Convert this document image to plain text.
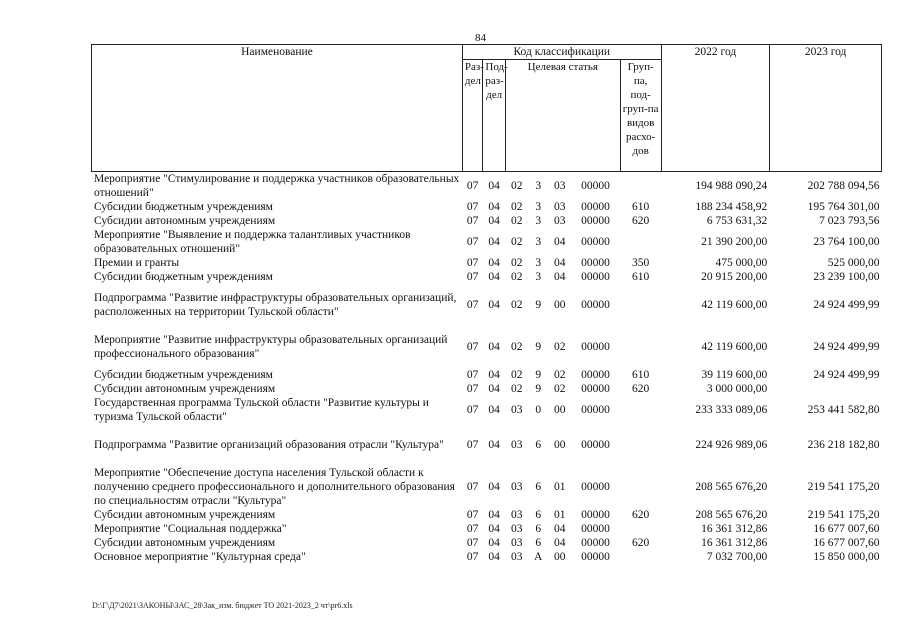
84
Наименование	Код классификации							2022 год	2023 год
	Раз-дел	Под-раз-дел	Целевая статья				Груп-па, под-груп-па видов расхо-дов		
Мероприятие "Стимулирование и поддержка участников образовательных отношений"	07	04	02	3	03	00000		194 988 090,24	202 788 094,56
Субсидии бюджетным учреждениям	07	04	02	3	03	00000	610	188 234 458,92	195 764 301,00
Субсидии автономным учреждениям	07	04	02	3	03	00000	620	6 753 631,32	7 023 793,56
Мероприятие "Выявление и поддержка талантливых участников образовательных отношений"	07	04	02	3	04	00000		21 390 200,00	23 764 100,00
Премии и гранты	07	04	02	3	04	00000	350	475 000,00	525 000,00
Субсидии бюджетным учреждениям	07	04	02	3	04	00000	610	20 915 200,00	23 239 100,00
Подпрограмма "Развитие инфраструктуры образовательных организаций, расположенных на территории Тульской области"	07	04	02	9	00	00000		42 119 600,00	24 924 499,99
Мероприятие "Развитие инфраструктуры образовательных организаций профессионального образования"	07	04	02	9	02	00000		42 119 600,00	24 924 499,99
Субсидии бюджетным учреждениям	07	04	02	9	02	00000	610	39 119 600,00	24 924 499,99
Субсидии автономным учреждениям	07	04	02	9	02	00000	620	3 000 000,00	
Государственная программа Тульской области "Развитие культуры и туризма Тульской области"	07	04	03	0	00	00000		233 333 089,06	253 441 582,80
Подпрограмма "Развитие организаций образования отрасли "Культура"	07	04	03	6	00	00000		224 926 989,06	236 218 182,80
Мероприятие "Обеспечение доступа населения Тульской области к получению среднего профессионального и дополнительного образования по специальностям отрасли "Культура"	07	04	03	6	01	00000		208 565 676,20	219 541 175,20
Субсидии автономным учреждениям	07	04	03	6	01	00000	620	208 565 676,20	219 541 175,20
Мероприятие "Социальная поддержка"	07	04	03	6	04	00000		16 361 312,86	16 677 007,60
Субсидии автономным учреждениям	07	04	03	6	04	00000	620	16 361 312,86	16 677 007,60
Основное мероприятие "Культурная среда"	07	04	03	A	00	00000		7 032 700,00	15 850 000,00
D:\Г\Д7\2021\ЗАКОНЫ\ЗАС_28\Зак_изм. бюджет ТО 2021-2023_2 чт\pr6.xls
